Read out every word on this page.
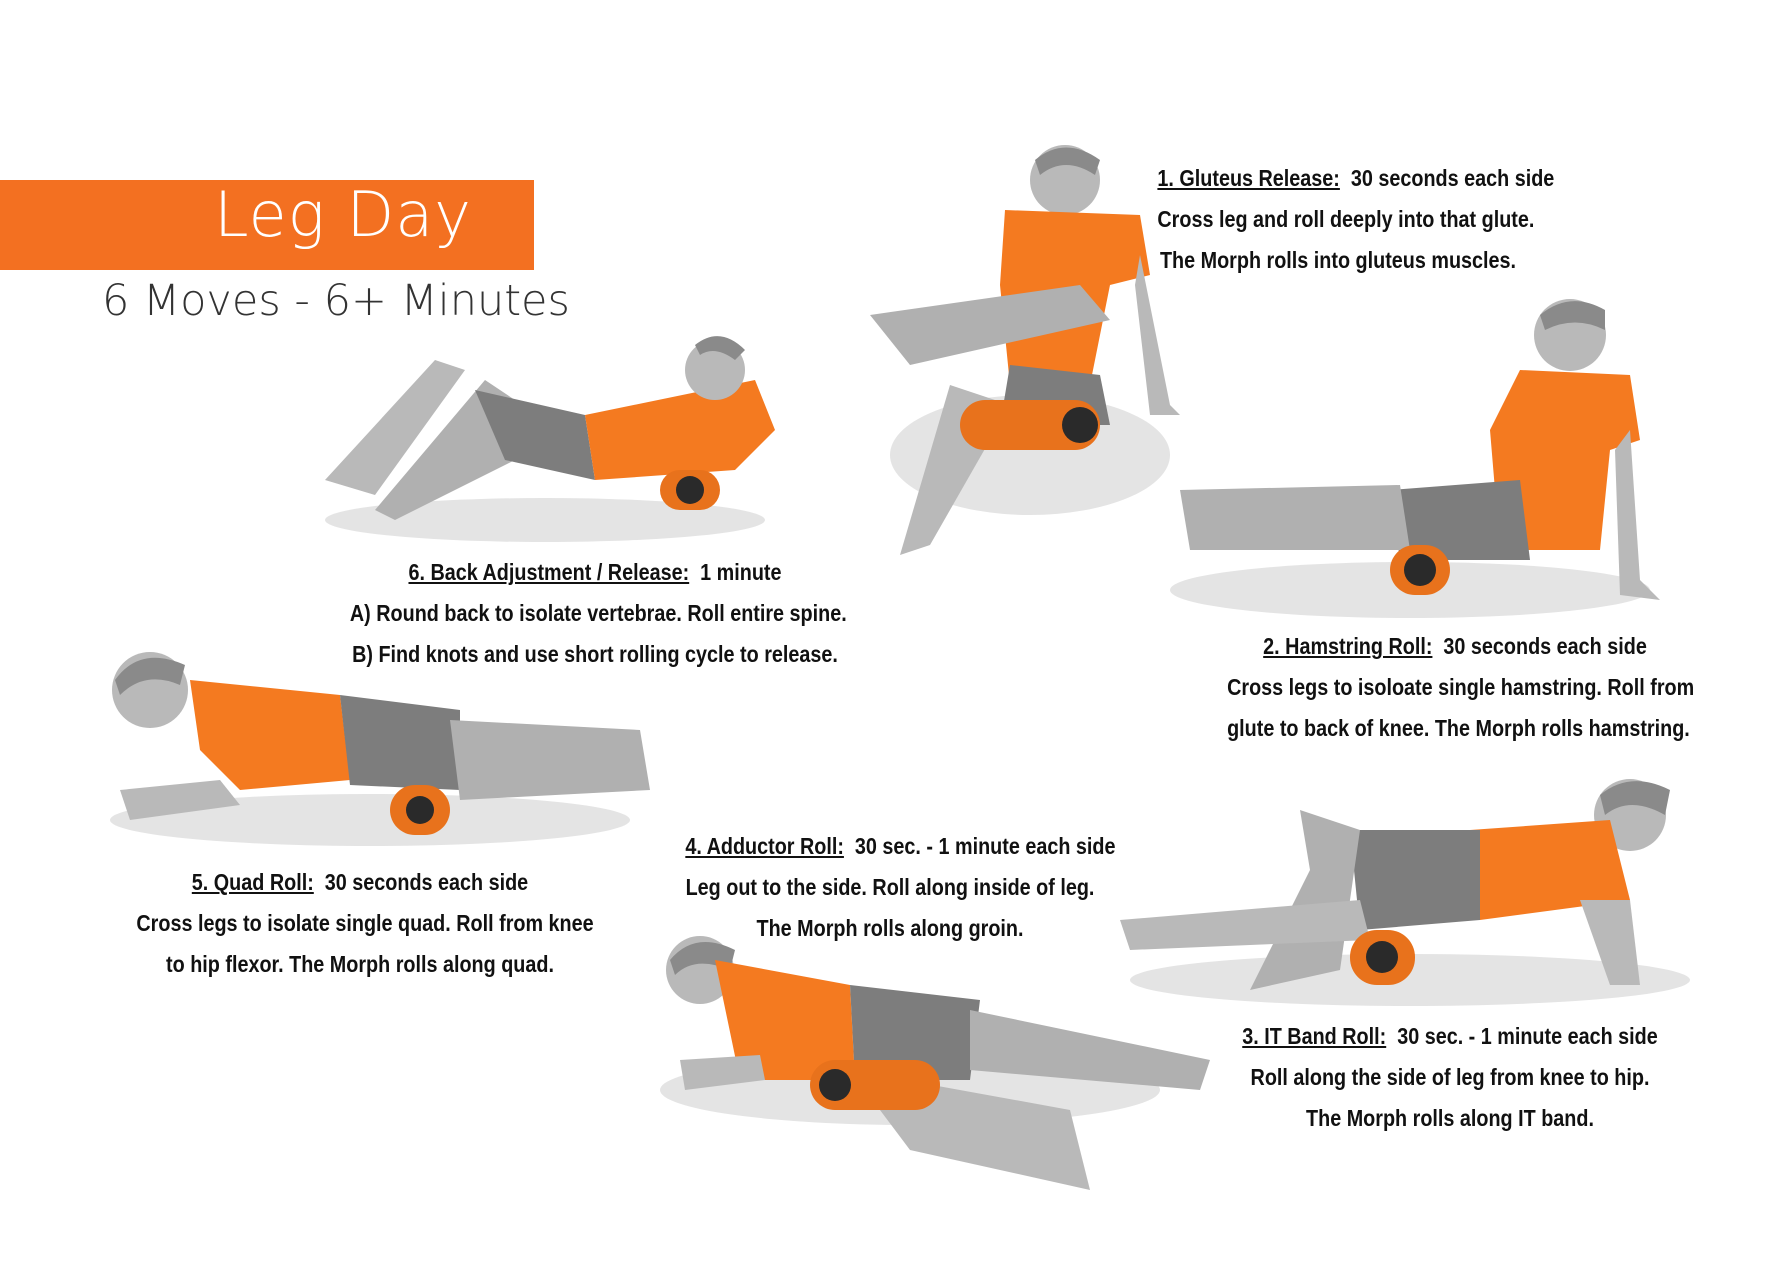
Leg Day
6 Moves - 6+ Minutes
1. Gluteus Release: 30 seconds each side
Cross leg and roll deeply into that glute.
The Morph rolls into gluteus muscles.
2. Hamstring Roll: 30 seconds each side
Cross legs to isoloate single hamstring. Roll from
glute to back of knee. The Morph rolls hamstring.
3. IT Band Roll: 30 sec. - 1 minute each side
Roll along the side of leg from knee to hip.
The Morph rolls along IT band.
4. Adductor Roll: 30 sec. - 1 minute each side
Leg out to the side. Roll along inside of leg.
The Morph rolls along groin.
5. Quad Roll: 30 seconds each side
Cross legs to isolate single quad. Roll from knee
to hip flexor. The Morph rolls along quad.
6. Back Adjustment / Release: 1 minute
A) Round back to isolate vertebrae. Roll entire spine.
B) Find knots and use short rolling cycle to release.
